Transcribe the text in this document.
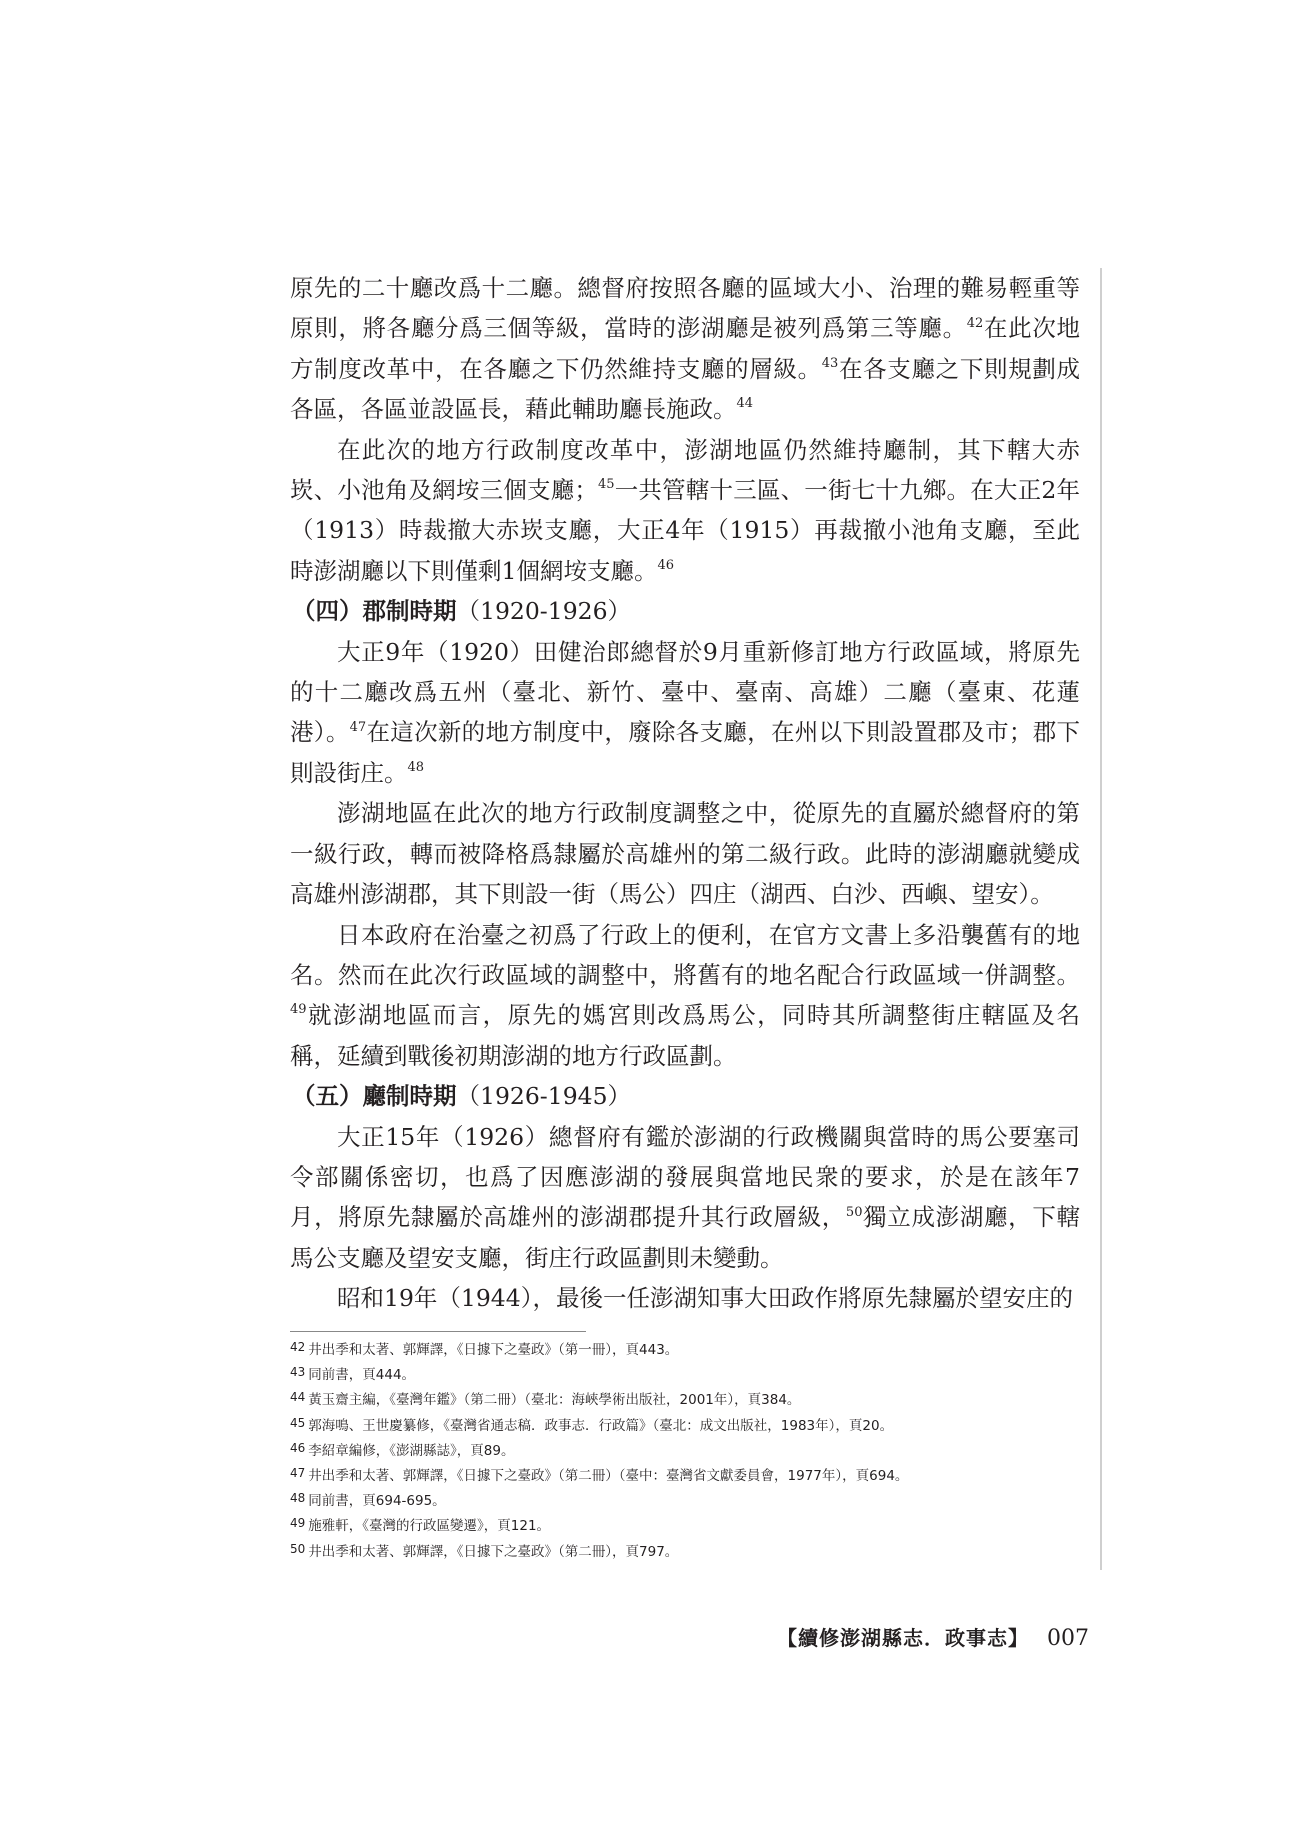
原先的二十廳改爲十二廳。總督府按照各廳的區域大小、治理的難易輕重等原則，將各廳分爲三個等級，當時的澎湖廳是被列爲第三等廳。$^{42}$在此次地方制度改革中，在各廳之下仍然維持支廳的層級。$^{43}$在各支廳之下則規劃成各區，各區並設區長，藉此輔助廳長施政。$^{44}$

在此次的地方行政制度改革中，澎湖地區仍然維持廳制，其下轄大赤崁、小池角及網垵三個支廳；$^{45}$一共管轄十三區、一街七十九鄉。在大正2年（1913）時裁撤大赤崁支廳，大正4年（1915）再裁撤小池角支廳，至此時澎湖廳以下則僅剩1個網垵支廳。$^{46}$

（四）郡制時期（1920-1926）

大正9年（1920）田健治郎總督於9月重新修訂地方行政區域，將原先的十二廳改爲五州（臺北、新竹、臺中、臺南、高雄）二廳（臺東、花蓮港）。$^{47}$在這次新的地方制度中，廢除各支廳，在州以下則設置郡及市；郡下則設街庄。$^{48}$

澎湖地區在此次的地方行政制度調整之中，從原先的直屬於總督府的第一級行政，轉而被降格爲隸屬於高雄州的第二級行政。此時的澎湖廳就變成高雄州澎湖郡，其下則設一街（馬公）四庄（湖西、白沙、西嶼、望安）。

日本政府在治臺之初爲了行政上的便利，在官方文書上多沿襲舊有的地名。然而在此次行政區域的調整中，將舊有的地名配合行政區域一併調整。$^{49}$就澎湖地區而言，原先的媽宮則改爲馬公，同時其所調整街庄轄區及名稱，延續到戰後初期澎湖的地方行政區劃。

（五）廳制時期（1926-1945）

大正15年（1926）總督府有鑑於澎湖的行政機關與當時的馬公要塞司令部關係密切，也爲了因應澎湖的發展與當地民衆的要求，於是在該年7月，將原先隸屬於高雄州的澎湖郡提升其行政層級，$^{50}$獨立成澎湖廳，下轄馬公支廳及望安支廳，街庄行政區劃則未變動。

昭和19年（1944），最後一任澎湖知事大田政作將原先隸屬於望安庄的

42 井出季和太著、郭輝譯，《日據下之臺政》（第一冊），頁443。

43 同前書，頁444。

44 黃玉齋主編，《臺灣年鑑》（第二冊）（臺北：海峽學術出版社，2001年），頁384。

45 郭海鳴、王世慶纂修，《臺灣省通志稿．政事志．行政篇》（臺北：成文出版社，1983年），頁20。

46 李紹章編修，《澎湖縣誌》，頁89。

47 井出季和太著、郭輝譯，《日據下之臺政》（第二冊）（臺中：臺灣省文獻委員會，1977年），頁694。

48 同前書，頁694-695。

49 施雅軒，《臺灣的行政區變遷》，頁121。

50 井出季和太著、郭輝譯，《日據下之臺政》（第二冊），頁797。

【續修澎湖縣志．政事志】 007
